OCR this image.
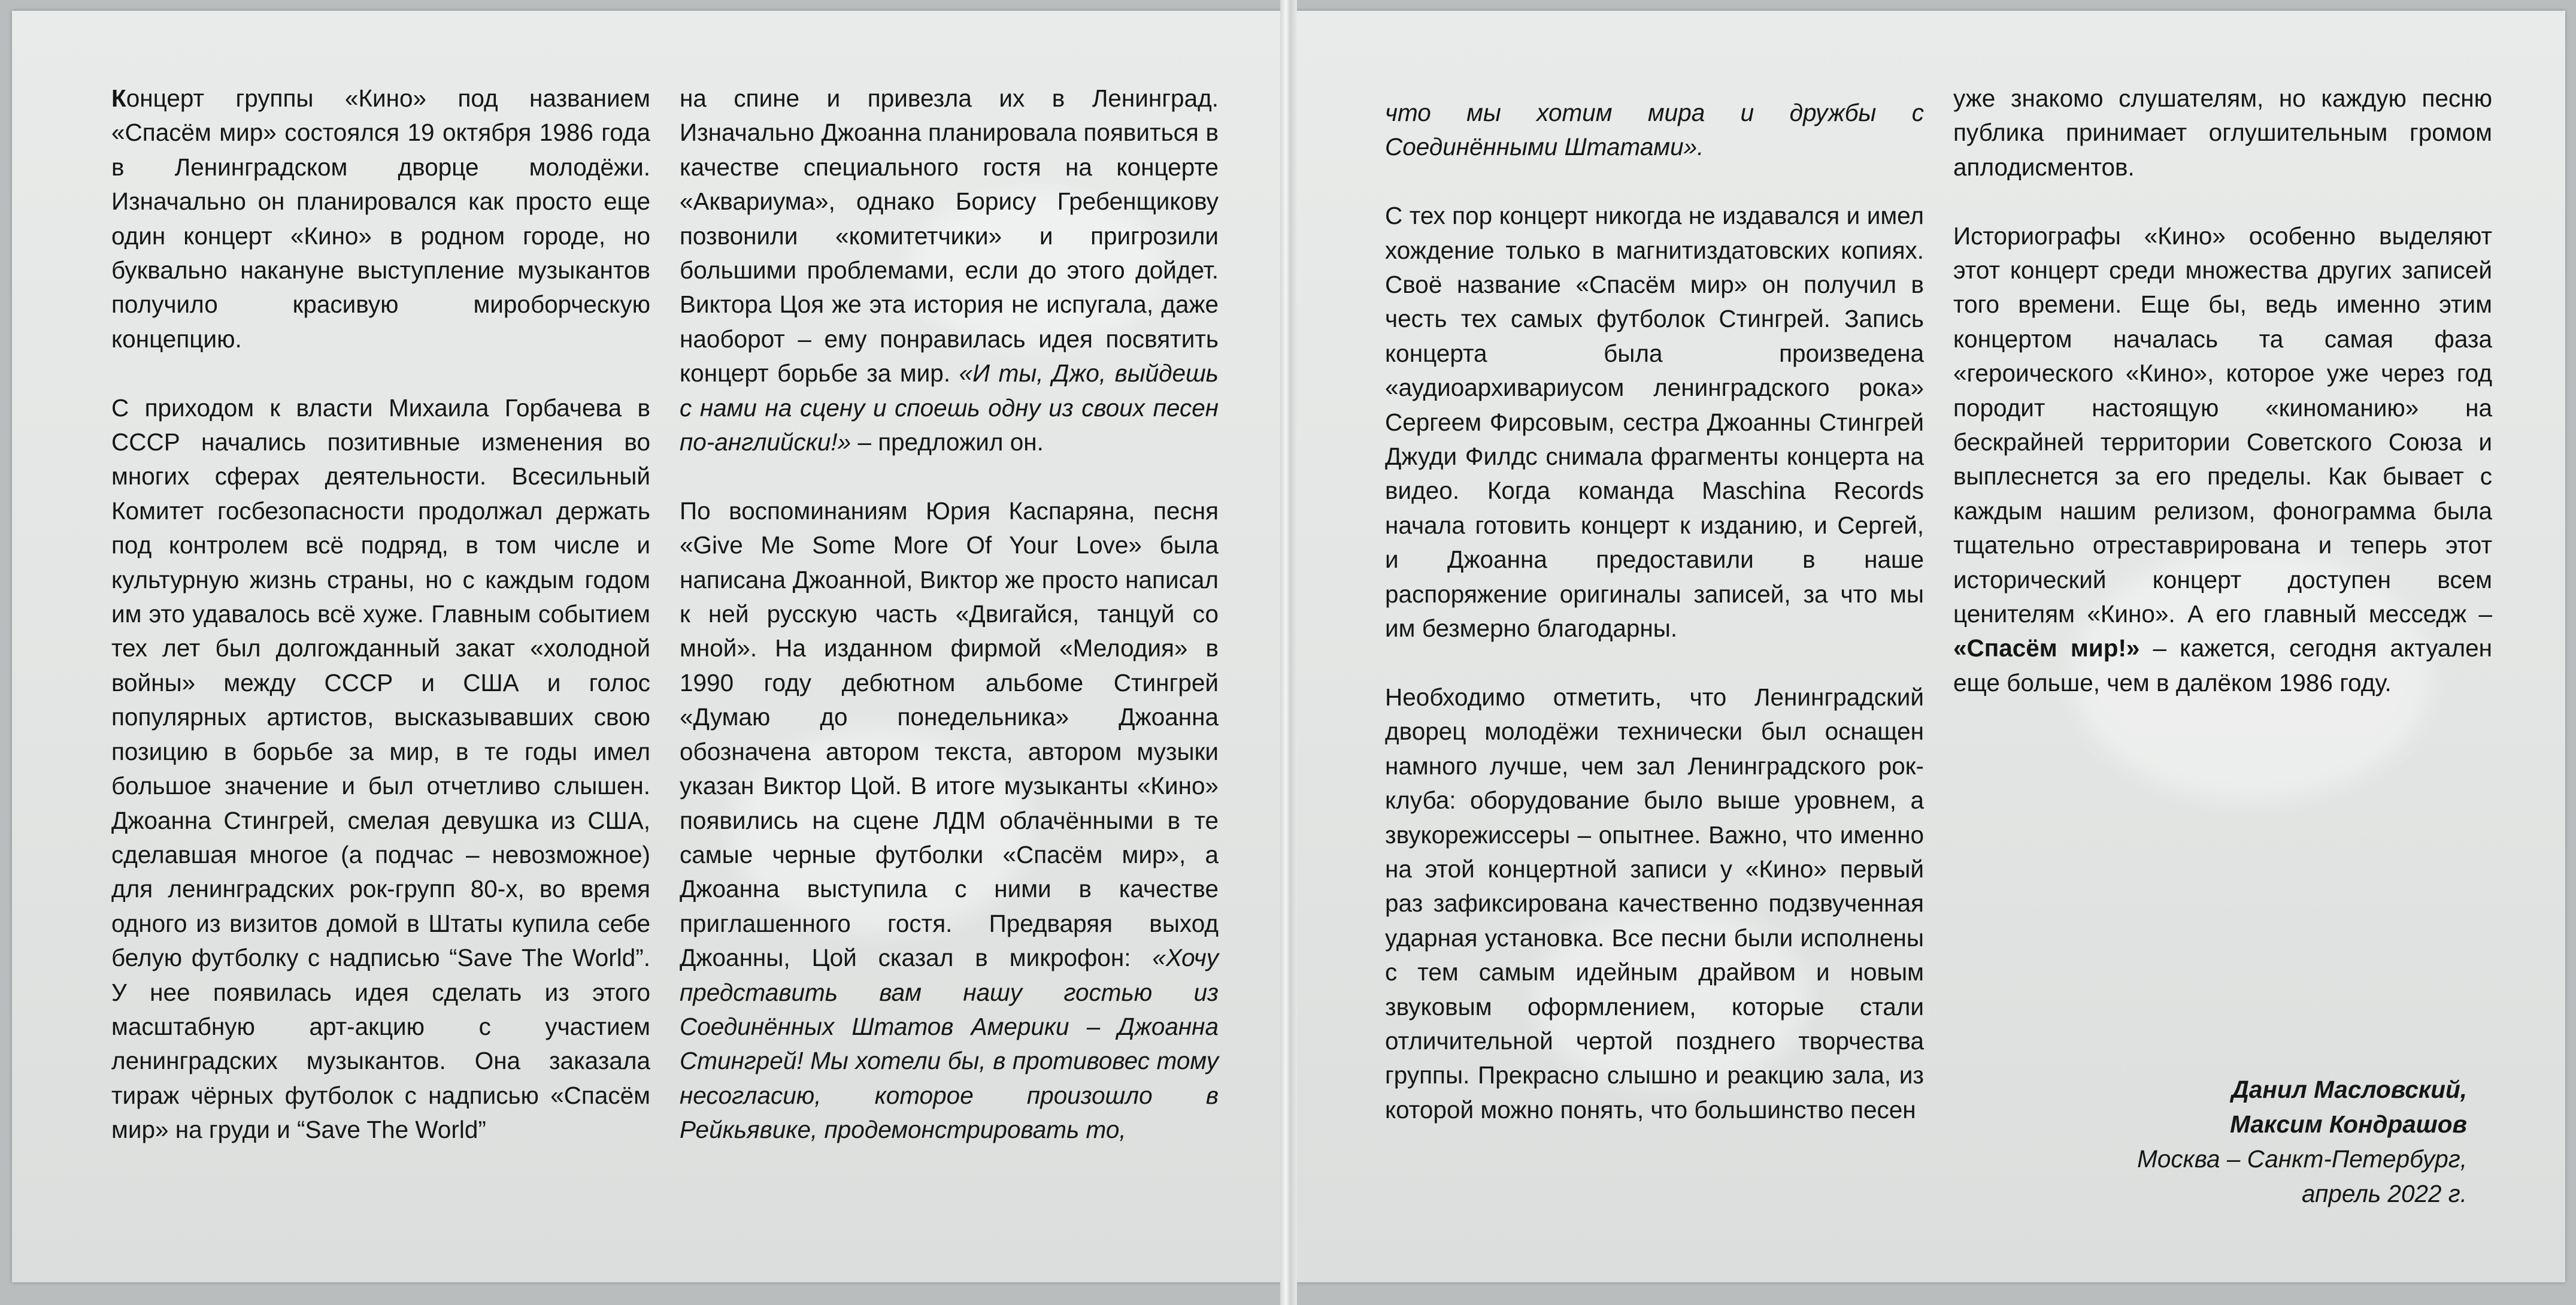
Концерт группы «Кино» под названием «Спасём мир» состоялся 19 октября 1986 года в Ленинградском дворце молодёжи. Изначально он планировался как просто еще один концерт «Кино» в родном городе, но буквально накануне выступление музыкантов получило красивую мироборческую концепцию.

С приходом к власти Михаила Горбачева в СССР начались позитивные изменения во многих сферах деятельности. Всесильный Комитет госбезопасности продолжал держать под контролем всё подряд, в том числе и культурную жизнь страны, но с каждым годом им это удавалось всё хуже. Главным событием тех лет был долгожданный закат «холодной войны» между СССР и США и голос популярных артистов, высказывавших свою позицию в борьбе за мир, в те годы имел большое значение и был отчетливо слышен. Джоанна Стингрей, смелая девушка из США, сделавшая многое (а подчас – невозможное) для ленинградских рок-групп 80-х, во время одного из визитов домой в Штаты купила себе белую футболку с надписью “Save The World”. У нее появилась идея сделать из этого масштабную арт-акцию с участием ленинградских музыкантов. Она заказала тираж чёрных футболок с надписью «Спасём мир» на груди и “Save The World”

на спине и привезла их в Ленинград. Изначально Джоанна планировала появиться в качестве специального гостя на концерте «Аквариума», однако Борису Гребенщикову позвонили «комитетчики» и пригрозили большими проблемами, если до этого дойдет. Виктора Цоя же эта история не испугала, даже наоборот – ему понравилась идея посвятить концерт борьбе за мир. «И ты, Джо, выйдешь с нами на сцену и споешь одну из своих песен по-английски!» – предложил он.

По воспоминаниям Юрия Каспаряна, песня «Give Me Some More Of Your Love» была написана Джоанной, Виктор же просто написал к ней русскую часть «Двигайся, танцуй со мной». На изданном фирмой «Мелодия» в 1990 году дебютном альбоме Стингрей «Думаю до понедельника» Джоанна обозначена автором текста, автором музыки указан Виктор Цой. В итоге музыканты «Кино» появились на сцене ЛДМ облачёнными в те самые черные футболки «Спасём мир», а Джоанна выступила с ними в качестве приглашенного гостя. Предваряя выход Джоанны, Цой сказал в микрофон: «Хочу представить вам нашу гостью из Соединённых Штатов Америки – Джоанна Стингрей! Мы хотели бы, в противовес тому несогласию, которое произошло в Рейкьявике, продемонстрировать то,

что мы хотим мира и дружбы с Соединёнными Штатами».

С тех пор концерт никогда не издавался и имел хождение только в магнитиздатовских копиях. Своё название «Спасём мир» он получил в честь тех самых футболок Стингрей. Запись концерта была произведена «аудиоархивариусом ленинградского рока» Сергеем Фирсовым, сестра Джоанны Стингрей Джуди Филдс снимала фрагменты концерта на видео. Когда команда Maschina Records начала готовить концерт к изданию, и Сергей, и Джоанна предоставили в наше распоряжение оригиналы записей, за что мы им безмерно благодарны.

Необходимо отметить, что Ленинградский дворец молодёжи технически был оснащен намного лучше, чем зал Ленинградского рок-клуба: оборудование было выше уровнем, а звукорежиссеры – опытнее. Важно, что именно на этой концертной записи у «Кино» первый раз зафиксирована качественно подзвученная ударная установка. Все песни были исполнены с тем самым идейным драйвом и новым звуковым оформлением, которые стали отличительной чертой позднего творчества группы. Прекрасно слышно и реакцию зала, из которой можно понять, что большинство песен

уже знакомо слушателям, но каждую песню публика принимает оглушительным громом аплодисментов.

Историографы «Кино» особенно выделяют этот концерт среди множества других записей того времени. Еще бы, ведь именно этим концертом началась та самая фаза «героического «Кино», которое уже через год породит настоящую «киноманию» на бескрайней территории Советского Союза и выплеснется за его пределы. Как бывает с каждым нашим релизом, фонограмма была тщательно отреставрирована и теперь этот исторический концерт доступен всем ценителям «Кино». А его главный месседж – «Спасём мир!» – кажется, сегодня актуален еще больше, чем в далёком 1986 году.

Данил Масловский,
Максим Кондрашов
Москва – Санкт-Петербург,
апрель 2022 г.
